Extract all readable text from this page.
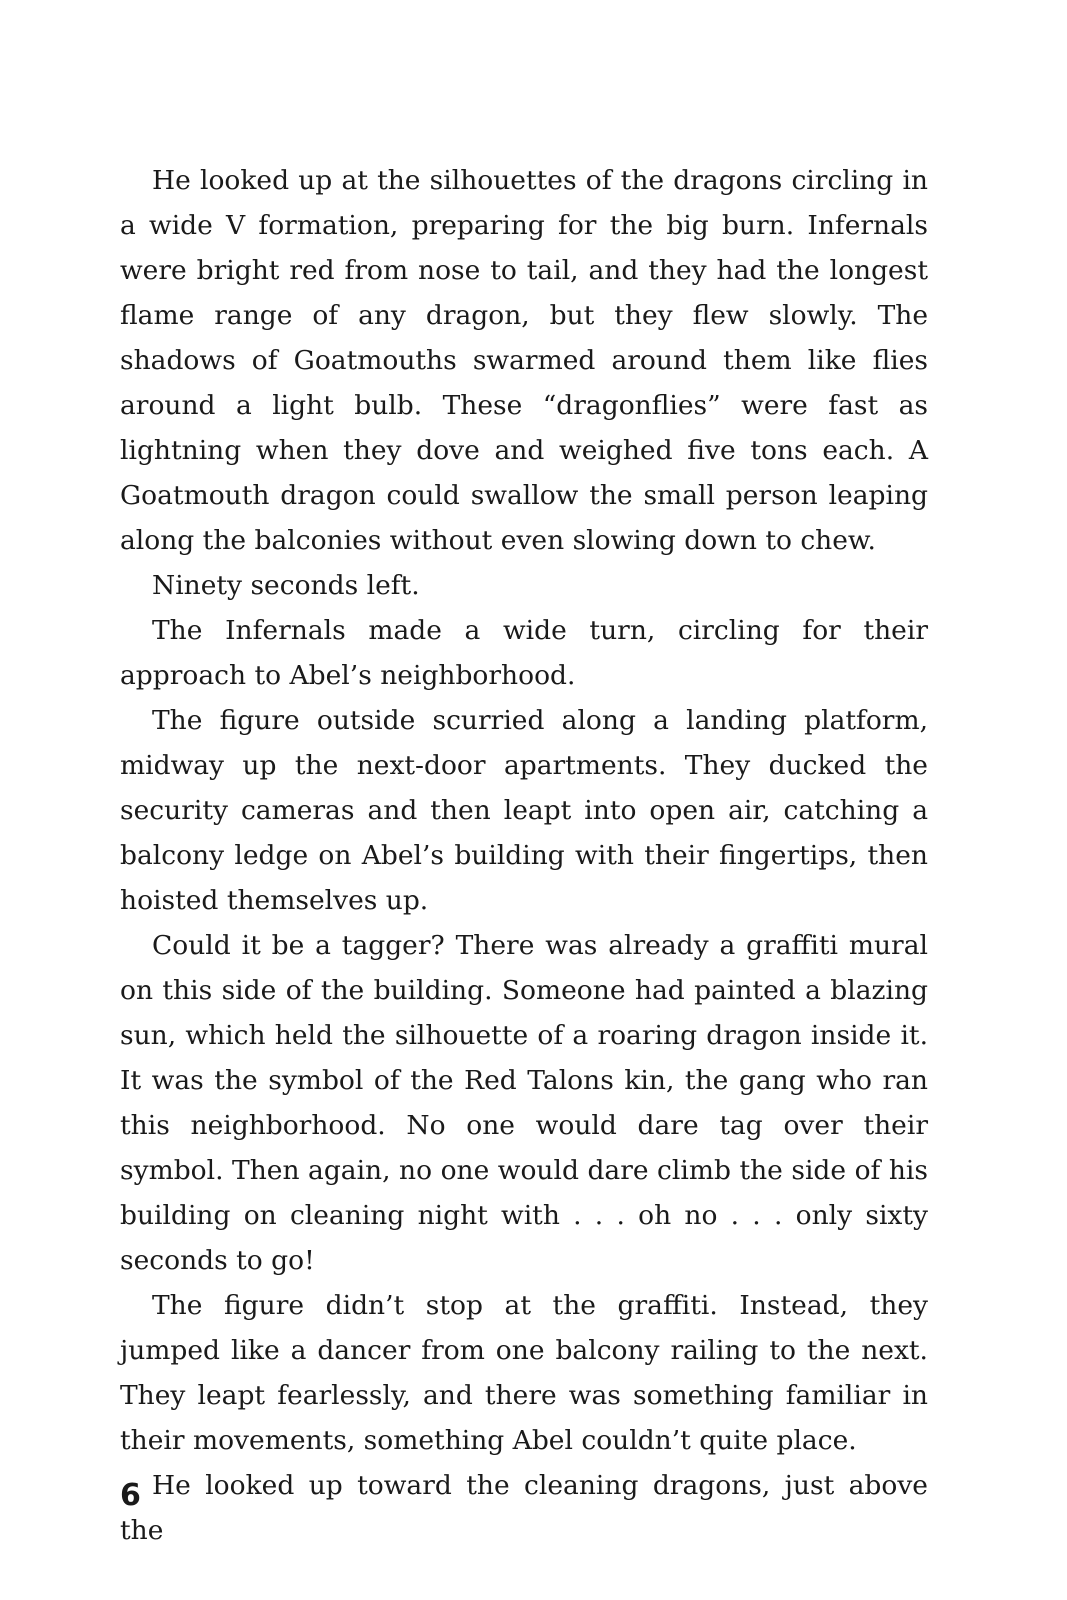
He looked up at the silhouettes of the dragons circling in a wide V formation, preparing for the big burn. Infernals were bright red from nose to tail, and they had the longest flame range of any dragon, but they flew slowly. The shadows of Goatmouths swarmed around them like flies around a light bulb. These “dragonflies” were fast as lightning when they dove and weighed five tons each. A Goatmouth dragon could swallow the small person leaping along the balconies without even slowing down to chew.

Ninety seconds left.

The Infernals made a wide turn, circling for their approach to Abel’s neighborhood.

The figure outside scurried along a landing platform, midway up the next-door apartments. They ducked the security cameras and then leapt into open air, catching a balcony ledge on Abel’s building with their fingertips, then hoisted themselves up.

Could it be a tagger? There was already a graffiti mural on this side of the building. Someone had painted a blazing sun, which held the silhouette of a roaring dragon inside it. It was the symbol of the Red Talons kin, the gang who ran this neighborhood. No one would dare tag over their symbol. Then again, no one would dare climb the side of his building on cleaning night with . . . oh no . . . only sixty seconds to go!

The figure didn’t stop at the graffiti. Instead, they jumped like a dancer from one balcony railing to the next. They leapt fearlessly, and there was something familiar in their movements, something Abel couldn’t quite place.

He looked up toward the cleaning dragons, just above the

6
